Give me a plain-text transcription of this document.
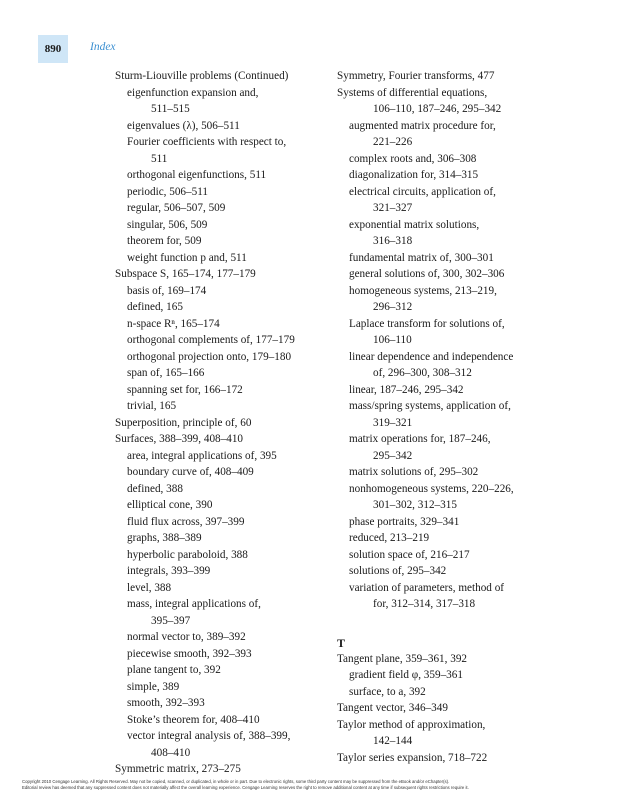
890	Index
Sturm-Liouville problems (Continued)
eigenfunction expansion and,
511–515
eigenvalues (λ), 506–511
Fourier coefficients with respect to,
511
orthogonal eigenfunctions, 511
periodic, 506–511
regular, 506–507, 509
singular, 506, 509
theorem for, 509
weight function p and, 511
Subspace S, 165–174, 177–179
basis of, 169–174
defined, 165
n-space Rⁿ, 165–174
orthogonal complements of, 177–179
orthogonal projection onto, 179–180
span of, 165–166
spanning set for, 166–172
trivial, 165
Superposition, principle of, 60
Surfaces, 388–399, 408–410
area, integral applications of, 395
boundary curve of, 408–409
defined, 388
elliptical cone, 390
fluid flux across, 397–399
graphs, 388–389
hyperbolic paraboloid, 388
integrals, 393–399
level, 388
mass, integral applications of,
395–397
normal vector to, 389–392
piecewise smooth, 392–393
plane tangent to, 392
simple, 389
smooth, 392–393
Stoke’s theorem for, 408–410
vector integral analysis of, 388–399,
408–410
Symmetric matrix, 273–275
Symmetry, Fourier transforms, 477
Systems of differential equations,
106–110, 187–246, 295–342
augmented matrix procedure for,
221–226
complex roots and, 306–308
diagonalization for, 314–315
electrical circuits, application of,
321–327
exponential matrix solutions,
316–318
fundamental matrix of, 300–301
general solutions of, 300, 302–306
homogeneous systems, 213–219,
296–312
Laplace transform for solutions of,
106–110
linear dependence and independence
of, 296–300, 308–312
linear, 187–246, 295–342
mass/spring systems, application of,
319–321
matrix operations for, 187–246,
295–342
matrix solutions of, 295–302
nonhomogeneous systems, 220–226,
301–302, 312–315
phase portraits, 329–341
reduced, 213–219
solution space of, 216–217
solutions of, 295–342
variation of parameters, method of
for, 312–314, 317–318
T
Tangent plane, 359–361, 392
gradient field φ, 359–361
surface, to a, 392
Tangent vector, 346–349
Taylor method of approximation,
142–144
Taylor series expansion, 718–722
Copyright 2010 Cengage Learning. All Rights Reserved. May not be copied, scanned, or duplicated, in whole or in part. Due to electronic rights, some third party content may be suppressed from the eBook and/or eChapter(s).
Editorial review has deemed that any suppressed content does not materially affect the overall learning experience. Cengage Learning reserves the right to remove additional content at any time if subsequent rights restrictions require it.
